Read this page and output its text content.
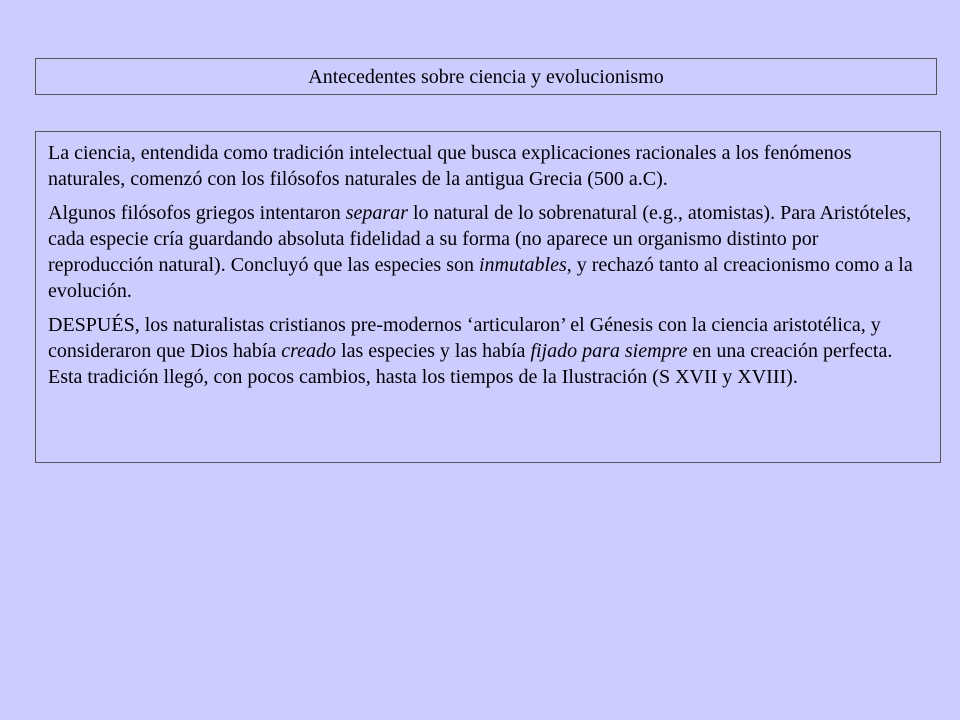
Antecedentes sobre ciencia y evolucionismo

La ciencia, entendida como tradición intelectual que busca explicaciones racionales a los fenómenos naturales, comenzó con los filósofos naturales de la antigua Grecia (500 a.C).

Algunos filósofos griegos intentaron separar lo natural de lo sobrenatural (e.g., atomistas). Para Aristóteles, cada especie cría guardando absoluta fidelidad a su forma (no aparece un organismo distinto por reproducción natural). Concluyó que las especies son inmutables, y rechazó tanto al creacionismo como a la evolución.

DESPUÉS, los naturalistas cristianos pre-modernos ‘articularon’ el Génesis con la ciencia aristotélica, y consideraron que Dios había creado las especies y las había fijado para siempre en una creación perfecta. Esta tradición llegó, con pocos cambios, hasta los tiempos de la Ilustración (S XVII y XVIII).
